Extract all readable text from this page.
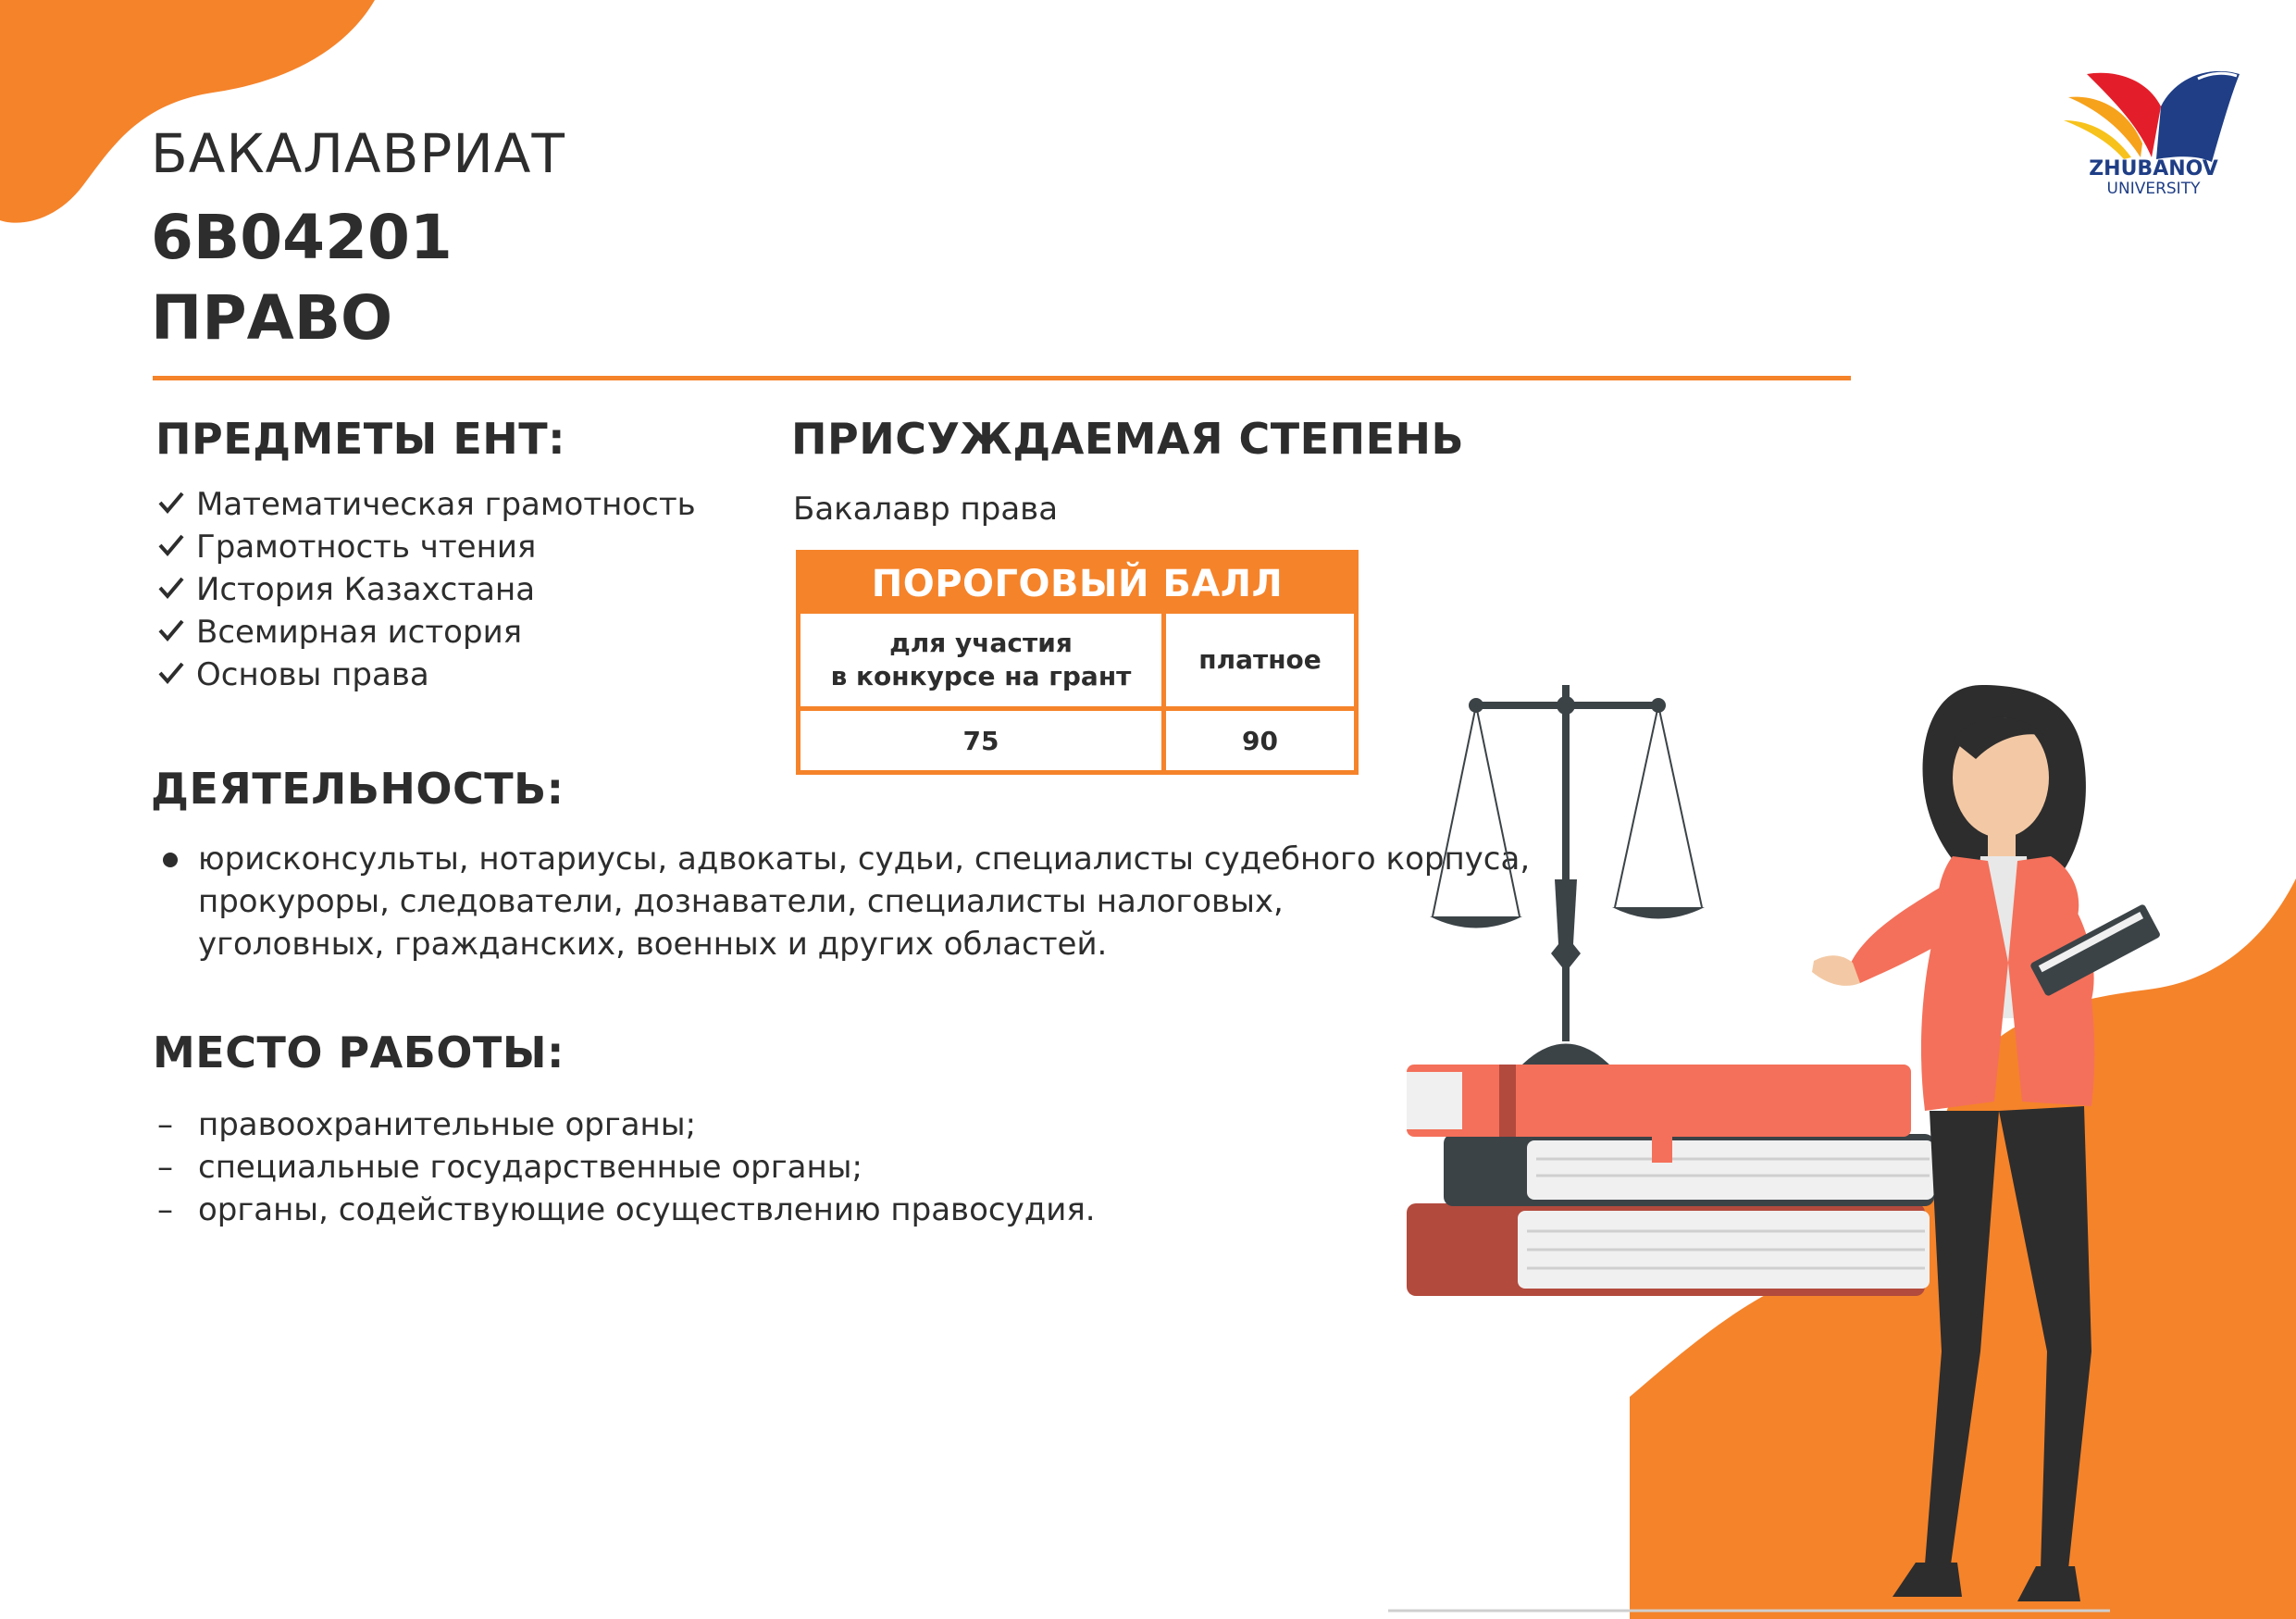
БАКАЛАВРИАТ
6B04201
ПРАВО
ZHUBANOV
UNIVERSITY
ПРЕДМЕТЫ ЕНТ:
Математическая грамотность
Грамотность чтения
История Казахстана
Всемирная история
Основы права
ПРИСУЖДАЕМАЯ СТЕПЕНЬ
Бакалавр права
ПОРОГОВЫЙ БАЛЛ
для участия
в конкурсе на грант
платное
75	90
ДЕЯТЕЛЬНОСТЬ:

юрисконсульты, нотариусы, адвокаты, судьи, специалисты судебного корпуса,

прокуроры, следователи, дознаватели, специалисты налоговых,

уголовных, гражданских, военных и других областей.

МЕСТО РАБОТЫ:
– правоохранительные органы;
– специальные государственные органы;
– органы, содействующие осуществлению правосудия.
